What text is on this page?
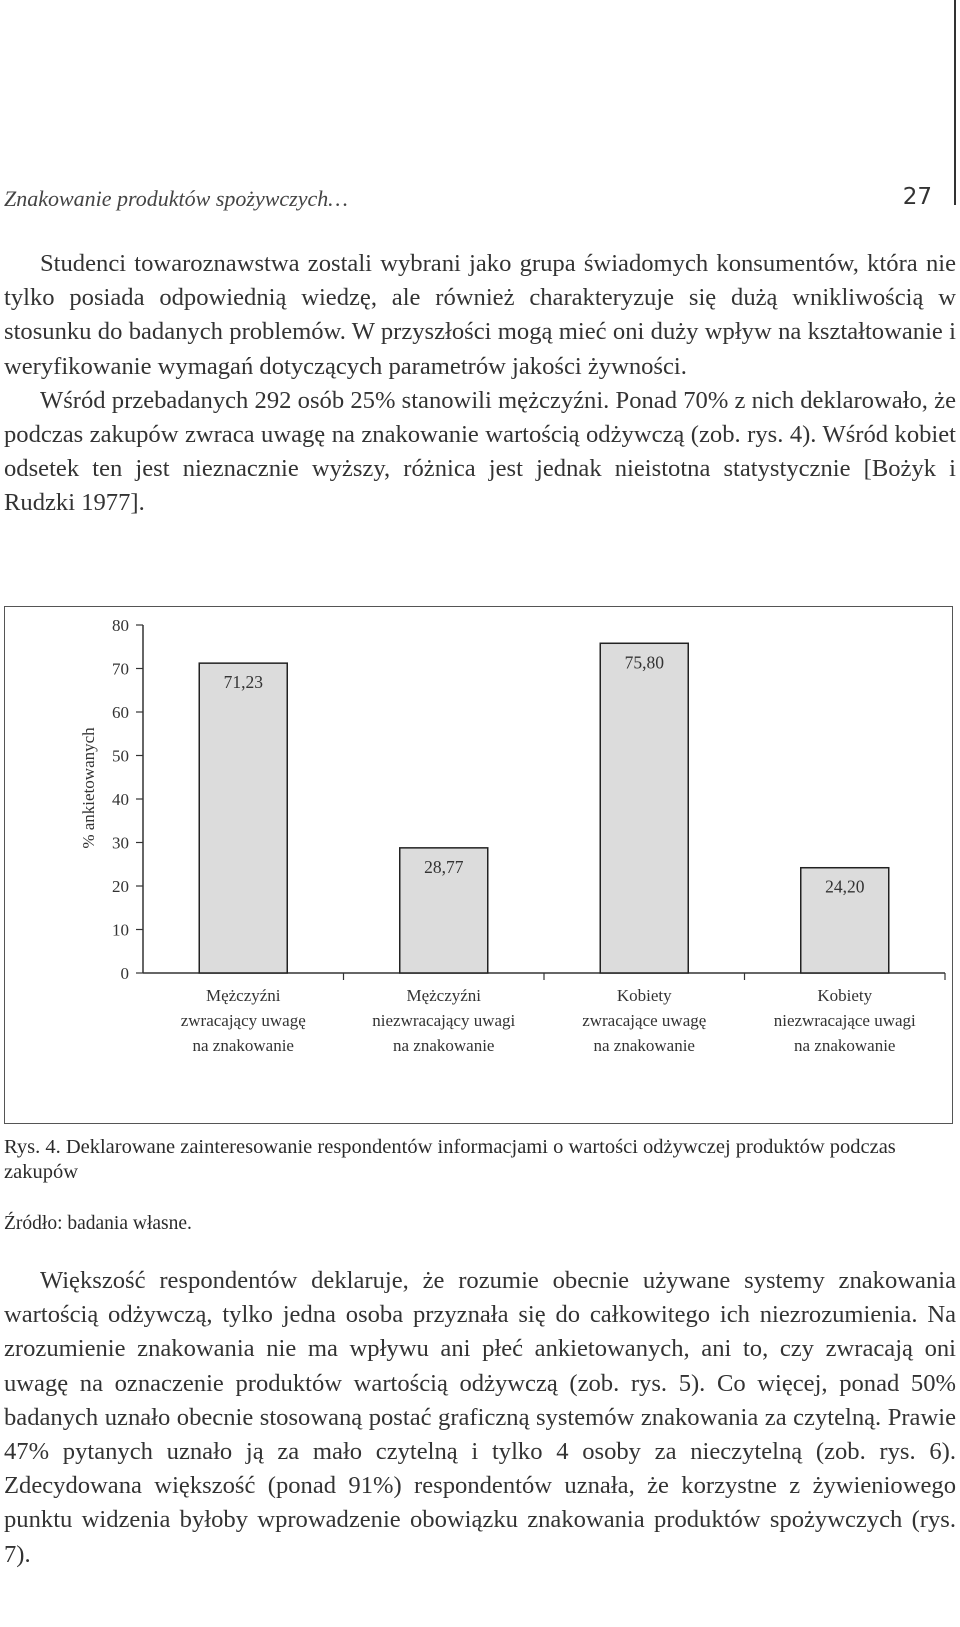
Znakowanie produktów spożywczych…	27

Studenci towaroznawstwa zostali wybrani jako grupa świadomych konsumentów, która nie tylko posiada odpowiednią wiedzę, ale również charakteryzuje się dużą wnikliwością w stosunku do badanych problemów. W przyszłości mogą mieć oni duży wpływ na kształtowanie i weryfikowanie wymagań dotyczących parametrów jakości żywności.

Wśród przebadanych 292 osób 25% stanowili mężczyźni. Ponad 70% z nich deklarowało, że podczas zakupów zwraca uwagę na znakowanie wartością odżywczą (zob. rys. 4). Wśród kobiet odsetek ten jest nieznacznie wyższy, różnica jest jednak nieistotna statystycznie [Bożyk i Rudzki 1977].

0
10
20
30
40
50
60
70
80
% ankietowanych
71,23
Mężczyźni
zwracający uwagę
na znakowanie
28,77
Mężczyźni
niezwracający uwagi
na znakowanie
75,80
Kobiety
zwracające uwagę
na znakowanie
24,20
Kobiety
niezwracające uwagi
na znakowanie

Rys. 4. Deklarowane zainteresowanie respondentów informacjami o wartości odżywczej produktów podczas zakupów

Źródło: badania własne.

Większość respondentów deklaruje, że rozumie obecnie używane systemy znakowania wartością odżywczą, tylko jedna osoba przyznała się do całkowitego ich niezrozumienia. Na zrozumienie znakowania nie ma wpływu ani płeć ankietowanych, ani to, czy zwracają oni uwagę na oznaczenie produktów wartością odżywczą (zob. rys. 5). Co więcej, ponad 50% badanych uznało obecnie stosowaną postać graficzną systemów znakowania za czytelną. Prawie 47% pytanych uznało ją za mało czytelną i tylko 4 osoby za nieczytelną (zob. rys. 6). Zdecydowana większość (ponad 91%) respondentów uznała, że korzystne z żywieniowego punktu widzenia byłoby wprowadzenie obowiązku znakowania produktów spożywczych (rys. 7).
